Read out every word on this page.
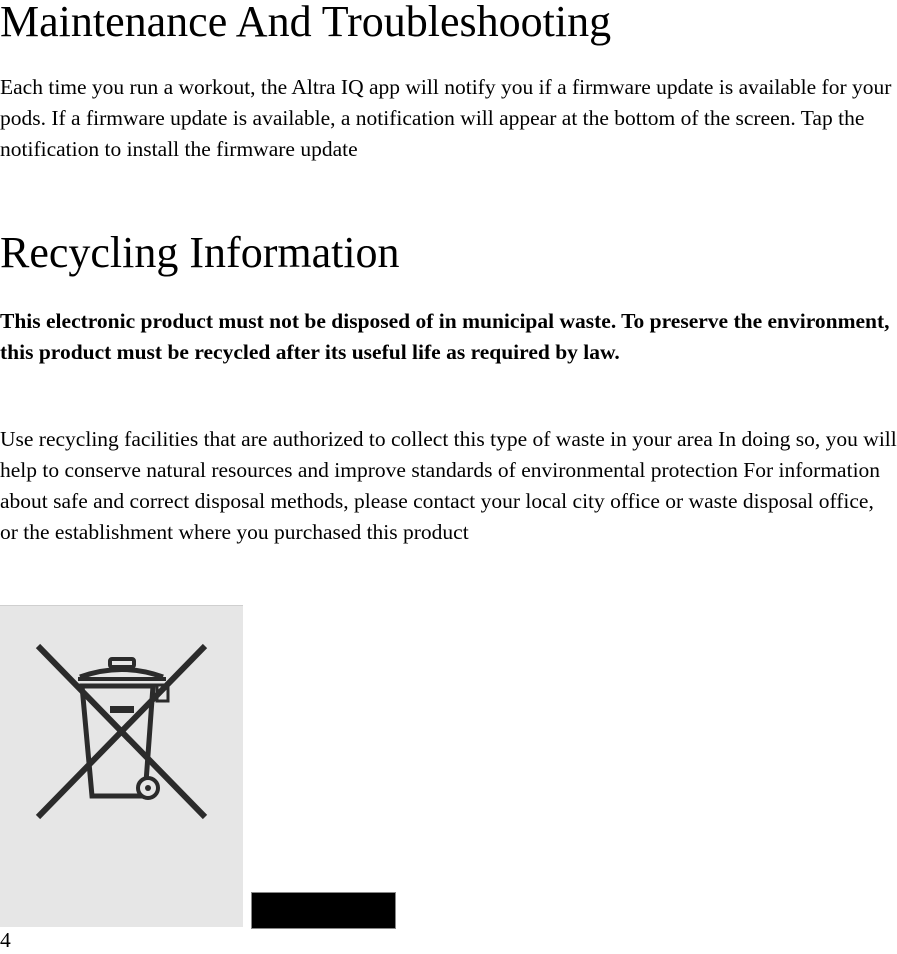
Maintenance And Troubleshooting

Each time you run a workout, the Altra IQ app will notify you if a firmware update is available for your pods. If a firmware update is available, a notification will appear at the bottom of the screen. Tap the notification to install the firmware update

Recycling Information

This electronic product must not be disposed of in municipal waste. To preserve the environment, this product must be recycled after its useful life as required by law.

Use recycling facilities that are authorized to collect this type of waste in your area In doing so, you will help to conserve natural resources and improve standards of environmental protection For information about safe and correct disposal methods, please contact your local city office or waste disposal office, or the establishment where you purchased this product

4
